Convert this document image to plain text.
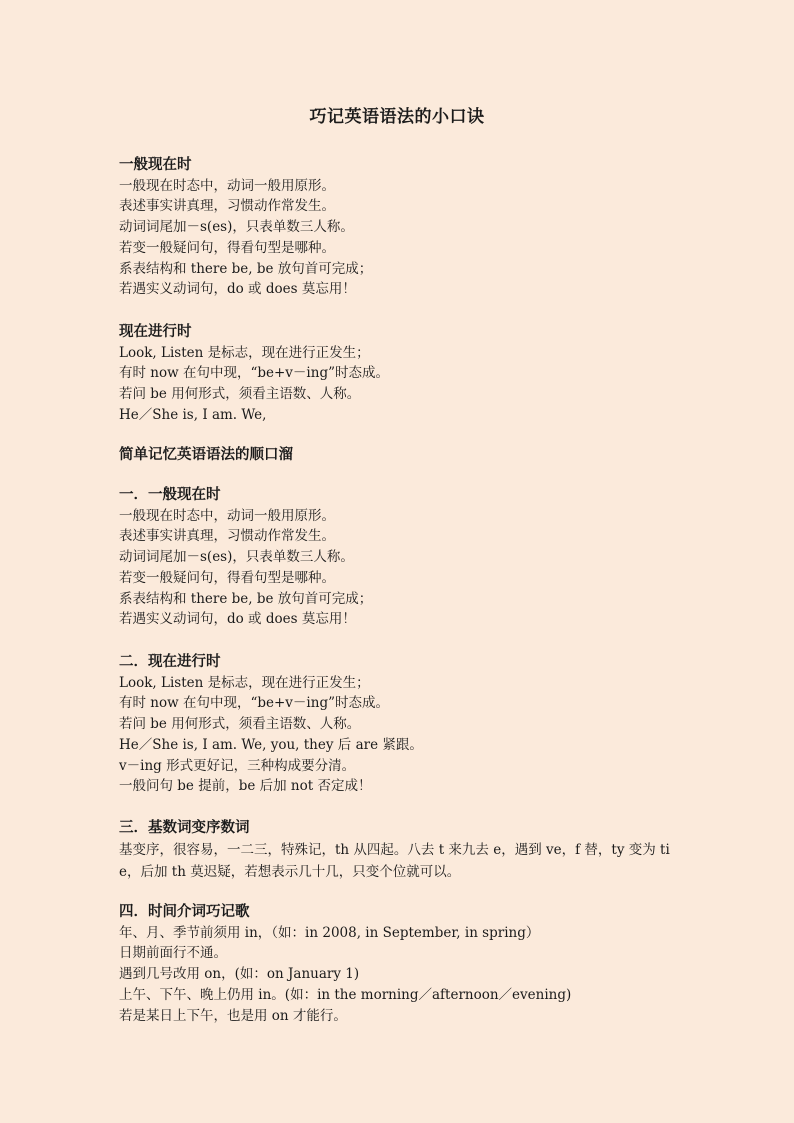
巧记英语语法的小口诀
一般现在时
一般现在时态中，动词一般用原形。
表述事实讲真理，习惯动作常发生。
动词词尾加－s(es)，只表单数三人称。
若变一般疑问句，得看句型是哪种。
系表结构和 there be, be 放句首可完成；
若遇实义动词句，do 或 does 莫忘用！
现在进行时
Look, Listen 是标志，现在进行正发生；
有时 now 在句中现，“be+v－ing”时态成。
若问 be 用何形式，须看主语数、人称。
He／She is, I am. We,
简单记忆英语语法的顺口溜
一．一般现在时
一般现在时态中，动词一般用原形。
表述事实讲真理，习惯动作常发生。
动词词尾加－s(es)，只表单数三人称。
若变一般疑问句，得看句型是哪种。
系表结构和 there be, be 放句首可完成；
若遇实义动词句，do 或 does 莫忘用！
二．现在进行时
Look, Listen 是标志，现在进行正发生；
有时 now 在句中现，“be+v－ing”时态成。
若问 be 用何形式，须看主语数、人称。
He／She is, I am. We, you, they 后 are 紧跟。
v－ing 形式更好记，三种构成要分清。
一般问句 be 提前，be 后加 not 否定成！
三．基数词变序数词
基变序，很容易，一二三，特殊记，th 从四起。八去 t 来九去 e，遇到 ve，f 替，ty 变为 tie，后加 th 莫迟疑，若想表示几十几，只变个位就可以。
四．时间介词巧记歌
年、月、季节前须用 in，（如：in 2008, in September, in spring）
日期前面行不通。
遇到几号改用 on，(如：on January 1)
上午、下午、晚上仍用 in。(如：in the morning／afternoon／evening)
若是某日上下午，也是用 on 才能行。
